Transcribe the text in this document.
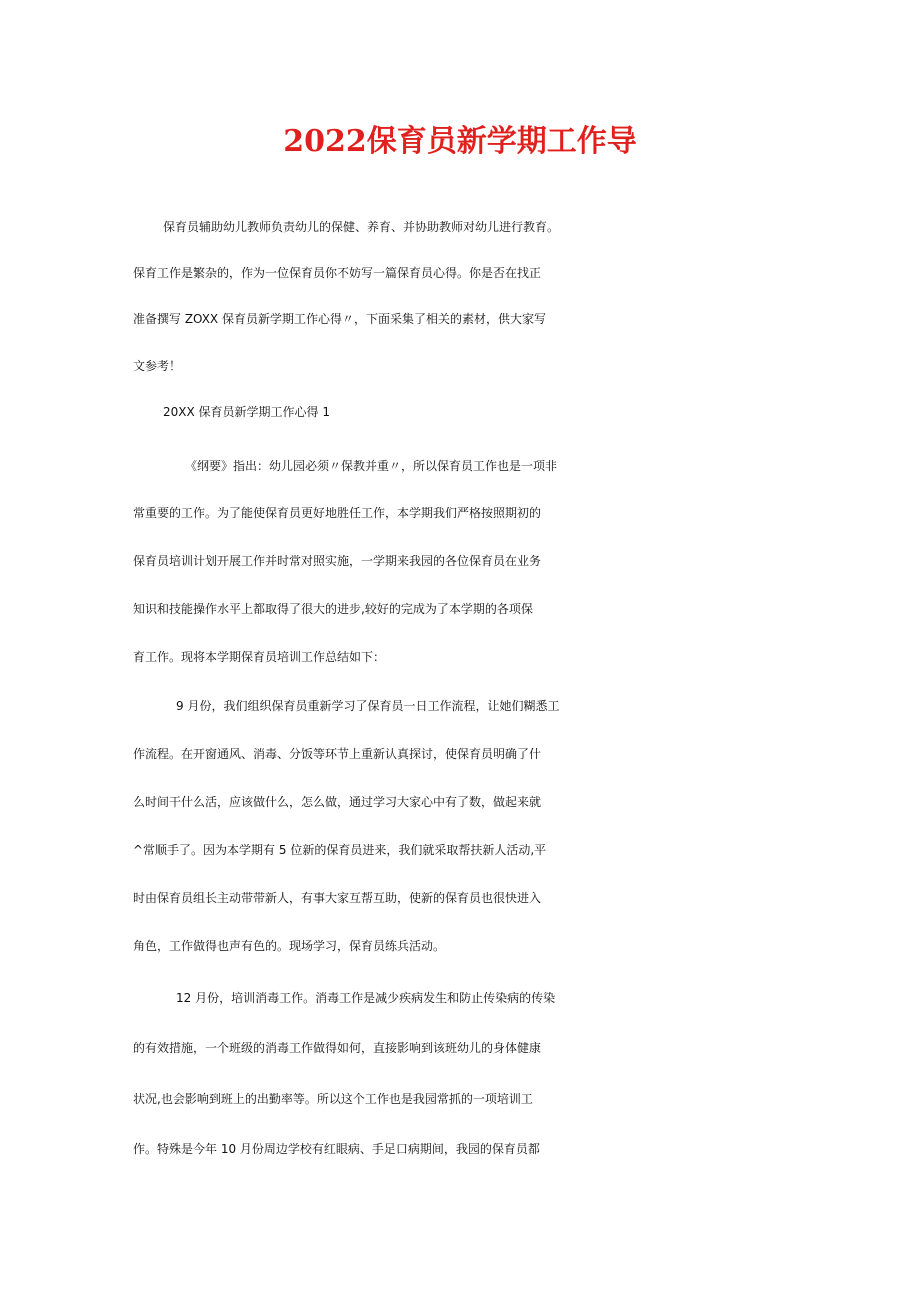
2022保育员新学期工作导
保育员辅助幼儿教师负责幼儿的保健、养育、并协助教师对幼儿进行教育。
保育工作是繁杂的，作为一位保育员你不妨写一篇保育员心得。你是否在找正
准备撰写 ZOXX 保育员新学期工作心得〃，下面采集了相关的素材，供大家写
文参考！
20XX 保育员新学期工作心得 1
《纲要》指出：幼儿园必须〃保教并重〃，所以保育员工作也是一项非
常重要的工作。为了能使保育员更好地胜任工作，本学期我们严格按照期初的
保育员培训计划开展工作并时常对照实施，一学期来我园的各位保育员在业务
知识和技能操作水平上都取得了很大的进步,较好的完成为了本学期的各项保
育工作。现将本学期保育员培训工作总结如下：
9 月份，我们组织保育员重新学习了保育员一日工作流程，让她们糊悉工
作流程。在开窗通风、消毒、分饭等环节上重新认真探讨，使保育员明确了什
么时间干什么活，应该做什么，怎么做，通过学习大家心中有了数，做起来就
^常顺手了。因为本学期有 5 位新的保育员进来，我们就采取帮扶新人活动,平
时由保育员组长主动带带新人，有事大家互帮互助，使新的保育员也很快进入
角色，工作做得也声有色的。现场学习，保育员练兵活动。
12 月份，培训消毒工作。消毒工作是减少疾病发生和防止传染病的传染
的有效措施，一个班级的消毒工作做得如何，直接影响到该班幼儿的身体健康
状况,也会影响到班上的出勤率等。所以这个工作也是我园常抓的一项培训工
作。特殊是今年 10 月份周边学校有红眼病、手足口病期间，我园的保育员都
